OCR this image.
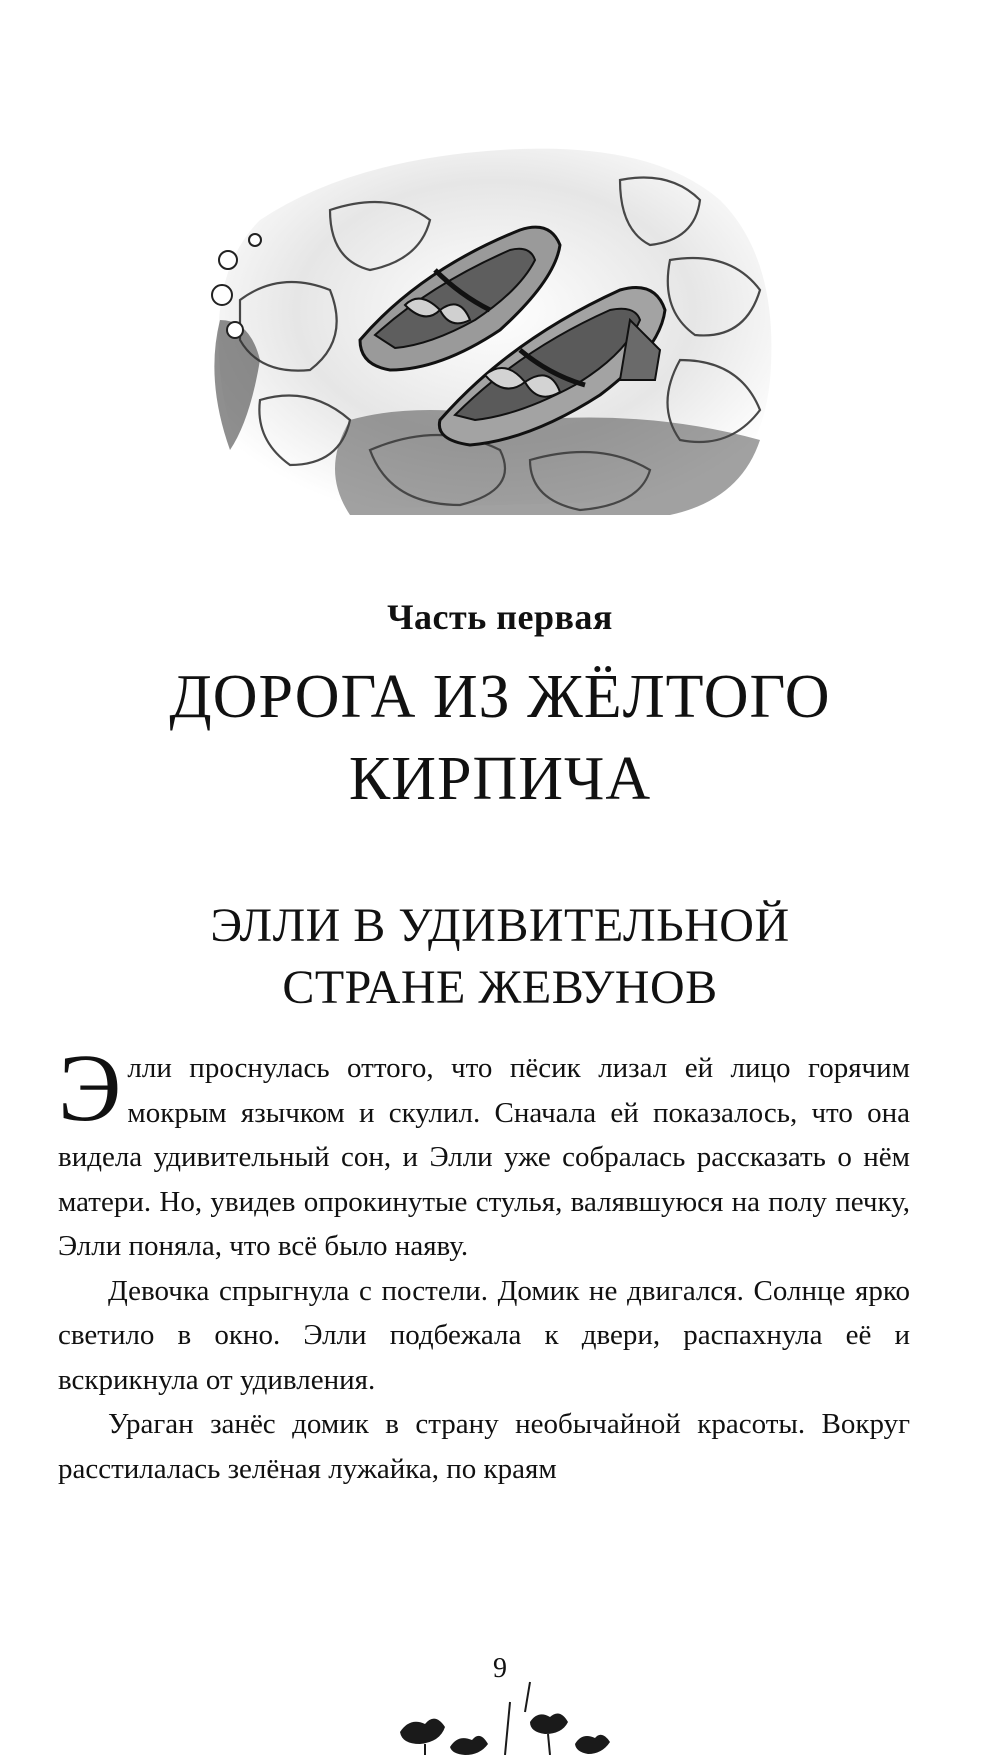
Часть первая
ДОРОГА ИЗ ЖЁЛТОГО
КИРПИЧА
ЭЛЛИ В УДИВИТЕЛЬНОЙ
СТРАНЕ ЖЕВУНОВ

Элли проснулась оттого, что пёсик лизал ей лицо горячим мокрым язычком и скулил. Сначала ей показалось, что она видела удивительный сон, и Элли уже собралась рассказать о нём матери. Но, увидев опрокинутые стулья, валявшуюся на полу печку, Элли поняла, что всё было наяву.

Девочка спрыгнула с постели. Домик не двигался. Солнце ярко светило в окно. Элли подбежала к двери, распахнула её и вскрикнула от удивления.

Ураган занёс домик в страну необычайной красоты. Вокруг расстилалась зелёная лужайка, по краям

9
